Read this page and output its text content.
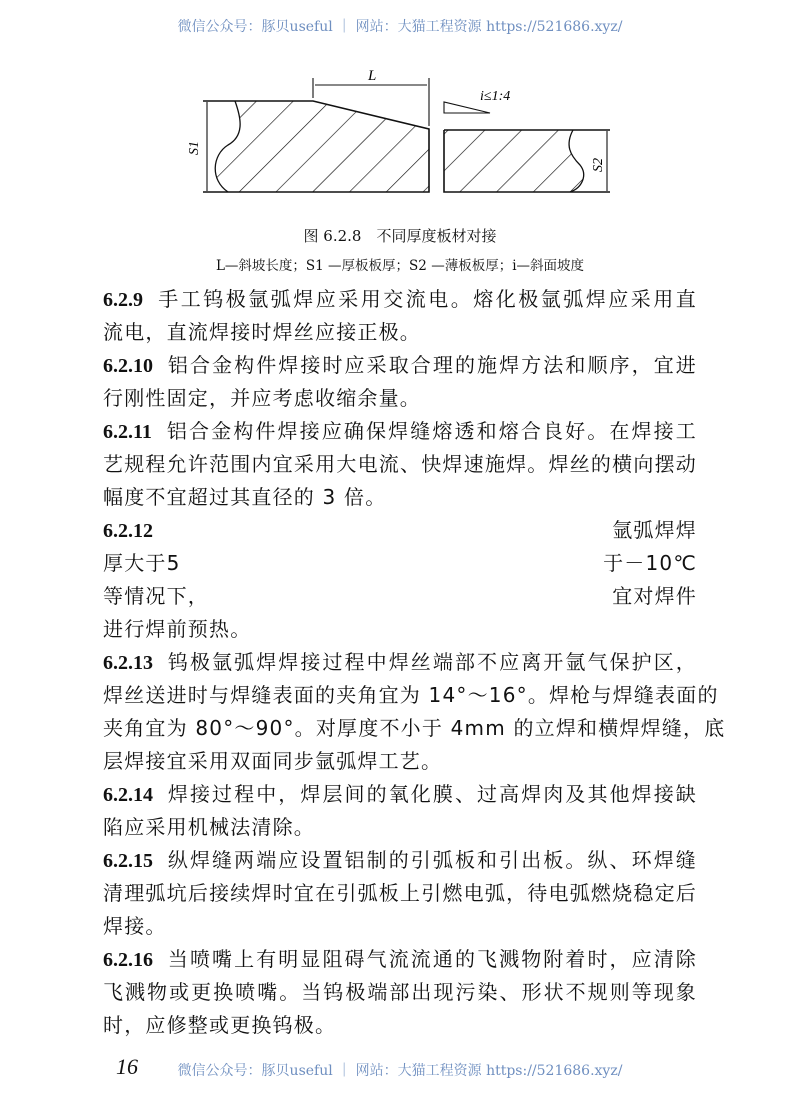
微信公众号：豚贝useful ｜ 网站：大猫工程资源 https://521686.xyz/
L
i≤1:4
S1
S2
图 6.2.8　不同厚度板材对接
L—斜坡长度；S1 —厚板板厚；S2 —薄板板厚；i—斜面坡度
6.2.9 手工钨极氩弧焊应采用交流电。熔化极氩弧焊应采用直
流电，直流焊接时焊丝应接正极。
6.2.10 铝合金构件焊接时应采取合理的施焊方法和顺序，宜进
行刚性固定，并应考虑收缩余量。
6.2.11 铝合金构件焊接应确保焊缝熔透和熔合良好。在焊接工
艺规程允许范围内宜采用大电流、快焊速施焊。焊丝的横向摆动
幅度不宜超过其直径的 3 倍。
6.2.12	氩弧焊焊
厚大于5	于－10℃
等情况下，	宜对焊件
进行焊前预热。
6.2.13 钨极氩弧焊焊接过程中焊丝端部不应离开氩气保护区，
焊丝送进时与焊缝表面的夹角宜为 14°～16°。焊枪与焊缝表面的
夹角宜为 80°～90°。对厚度不小于 4mm 的立焊和横焊焊缝，底
层焊接宜采用双面同步氩弧焊工艺。
6.2.14 焊接过程中，焊层间的氧化膜、过高焊肉及其他焊接缺
陷应采用机械法清除。
6.2.15 纵焊缝两端应设置铝制的引弧板和引出板。纵、环焊缝
清理弧坑后接续焊时宜在引弧板上引燃电弧，待电弧燃烧稳定后
焊接。
6.2.16 当喷嘴上有明显阻碍气流流通的飞溅物附着时，应清除
飞溅物或更换喷嘴。当钨极端部出现污染、形状不规则等现象
时，应修整或更换钨极。
16	微信公众号：豚贝useful ｜ 网站：大猫工程资源 https://521686.xyz/
